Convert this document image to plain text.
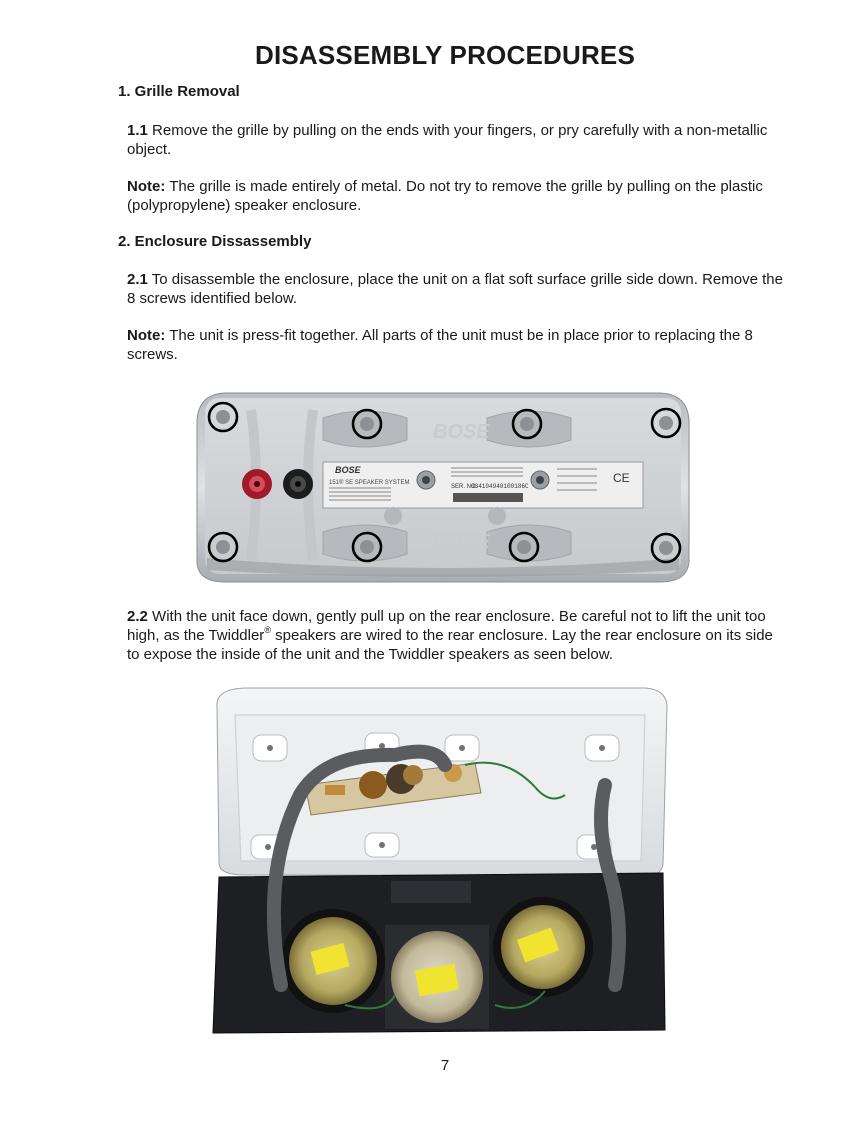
DISASSEMBLY PROCEDURES
1. Grille Removal

1.1 Remove the grille by pulling on the ends with your fingers, or pry carefully with a non-metallic object.

Note: The grille is made entirely of metal. Do not try to remove the grille by pulling on the plastic (polypropylene) speaker enclosure.

2. Enclosure Dissassembly

2.1 To disassemble the enclosure, place the unit on a flat soft surface grille side down. Remove the 8 screws identified below.

Note: The unit is press-fit together. All parts of the unit must be in place prior to replacing the 8 screws.

BOSE
BOSE
BOSE
151® SE SPEAKER SYSTEM
SER. NO.
034104940100186C
CE

2.2 With the unit face down, gently pull up on the rear enclosure. Be careful not to lift the unit too high, as the Twiddler® speakers are wired to the rear enclosure. Lay the rear enclosure on its side to expose the inside of the unit and the Twiddler speakers as seen below.

7
